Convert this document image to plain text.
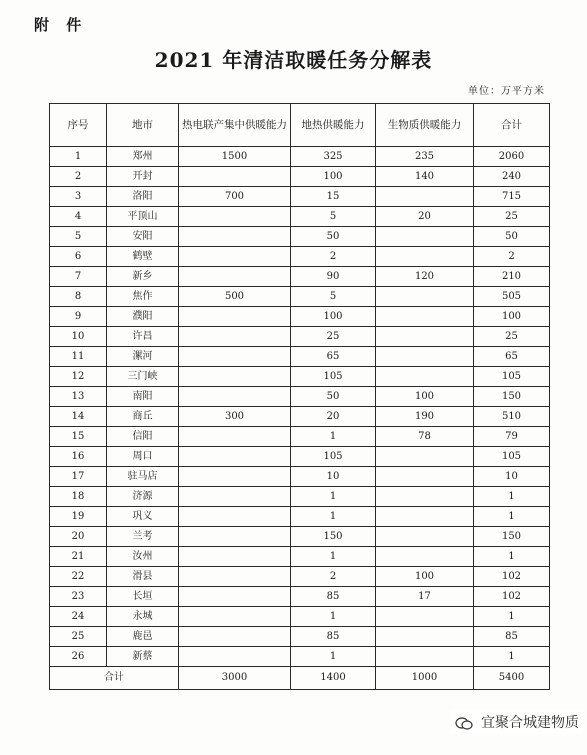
附 件
2021 年清洁取暖任务分解表
单位：万平方米
序号	地市	热电联产集中供暖能力	地热供暖能力	生物质供暖能力	合计
1	郑州	1500	325	235	2060
2	开封		100	140	240
3	洛阳	700	15		715
4	平顶山		5	20	25
5	安阳		50		50
6	鹤壁		2		2
7	新乡		90	120	210
8	焦作	500	5		505
9	濮阳		100		100
10	许昌		25		25
11	漯河		65		65
12	三门峡		105		105
13	南阳		50	100	150
14	商丘	300	20	190	510
15	信阳		1	78	79
16	周口		105		105
17	驻马店		10		10
18	济源		1		1
19	巩义		1		1
20	兰考		150		150
21	汝州		1		1
22	滑县		2	100	102
23	长垣		85	17	102
24	永城		1		1
25	鹿邑		85		85
26	新蔡		1		1
合计		3000	1400	1000	5400
宜聚合城建物质
